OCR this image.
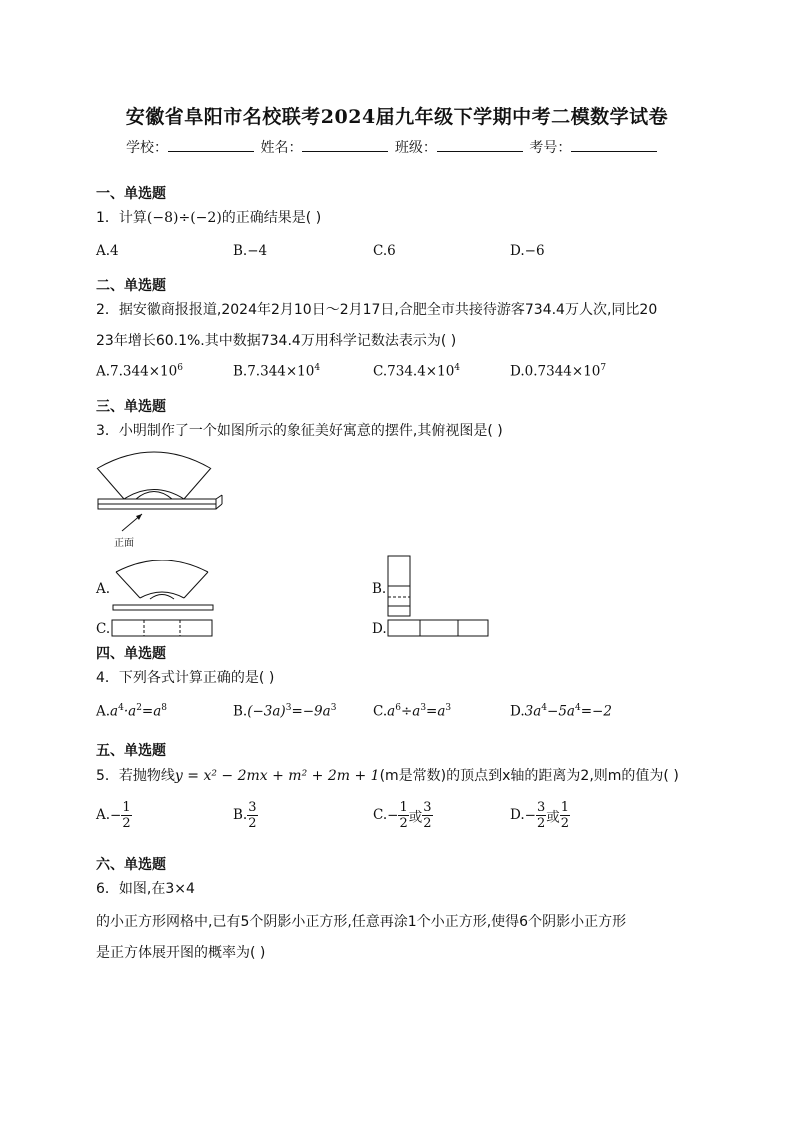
安徽省阜阳市名校联考2024届九年级下学期中考二模数学试卷
学校：	姓名：	班级：	考号：
一、单选题
1．计算(−8)÷(−2)的正确结果是( )
A.4	B.−4	C.6	D.−6
二、单选题
2．据安徽商报报道,2024年2月10日～2月17日,合肥全市共接待游客734.4万人次,同比20
23年增长60.1%.其中数据734.4万用科学记数法表示为( )
$A.7.344\times 10^6$	$B.7.344\times 10^4$	$C.734.4\times 10^4$	$D.0.7344\times 10^7$
三、单选题
3．小明制作了一个如图所示的象征美好寓意的摆件,其俯视图是( )
正面
A.	B.
C.	D.
四、单选题
4．下列各式计算正确的是( )
$A.a^4\cdot a^2=a^8$	$B.(-3a)^3=-9a^3$	$C.a^6\div a^3=a^3$	$D.3a^4-5a^4=-2$
五、单选题
5．若抛物线y = x² − 2mx + m² + 2m + 1(m是常数)的顶点到x轴的距离为2,则m的值为( )
$A.- \frac{1}{2}$	B. $\frac{3}{2}$	$C.- \frac{1}{2}$ 或 $\frac{3}{2}$	$D.- \frac{3}{2}$ 或 $\frac{1}{2}$
六、单选题
6．如图,在3×4
的小正方形网格中,已有5个阴影小正方形,任意再涂1个小正方形,使得6个阴影小正方形
是正方体展开图的概率为( )
